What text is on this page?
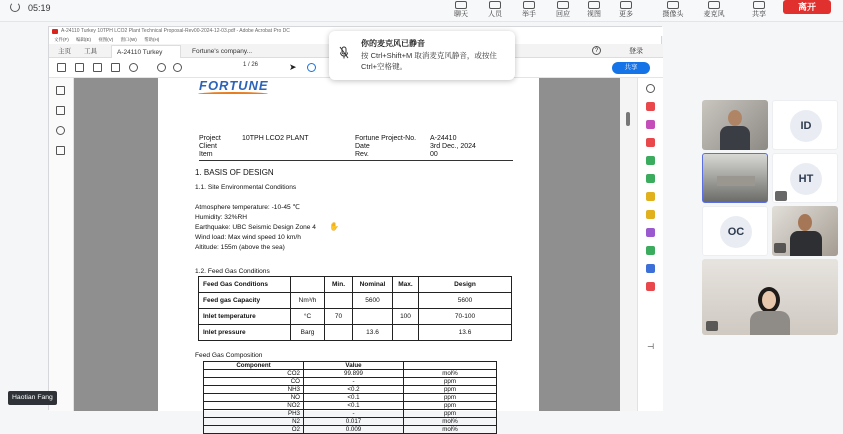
05:19
聊天	人员	举手	回应	视图	更多	摄像头	麦克风	共享
离开
A-24110 Turkey 10TPH LCO2 Plant Technical Proposal-Rev00-2024-12-03.pdf - Adobe Acrobat Pro DC
文件(F) 编辑(E) 视图(V) 窗口(W) 帮助(H)
主页	工具	A-24110 Turkey	Fortune's company...	?	登录
1 / 26	➤	共享
⊣
FORTUNE
Project	10TPH LCO2 PLANT
Client
Item
Fortune Project-No. A-24410
Date	3rd Dec., 2024
Rev.	00
1. BASIS OF DESIGN
1.1. Site Environmental Conditions
Atmosphere temperature: -10-45 ℃
Humidity: 32%RH
Earthquake: UBC Seismic Design Zone 4 ✋
Wind load: Max wind speed 10 km/h
Altitude: 155m (above the sea)
1.2. Feed Gas Conditions
Feed Gas Conditions		Min.	Nominal	Max.	Design
Feed gas Capacity	Nm³/h		5600		5600
Inlet temperature	°C	70		100	70-100
Inlet pressure	Barg		13.6		13.6
Feed Gas Composition
Component	Value	
CO2	99.899	mol%
CO	-	ppm
NH3	<0.2	ppm
NO	<0.1	ppm
NO2	<0.1	ppm
PH3	-	ppm
N2	0.017	mol%
O2	0.009	mol%
你的麦克风已静音
按 Ctrl+Shift+M 取消麦克风静音，或按住 Ctrl+空格键。
ID
HT
OC
Haotian Fang
